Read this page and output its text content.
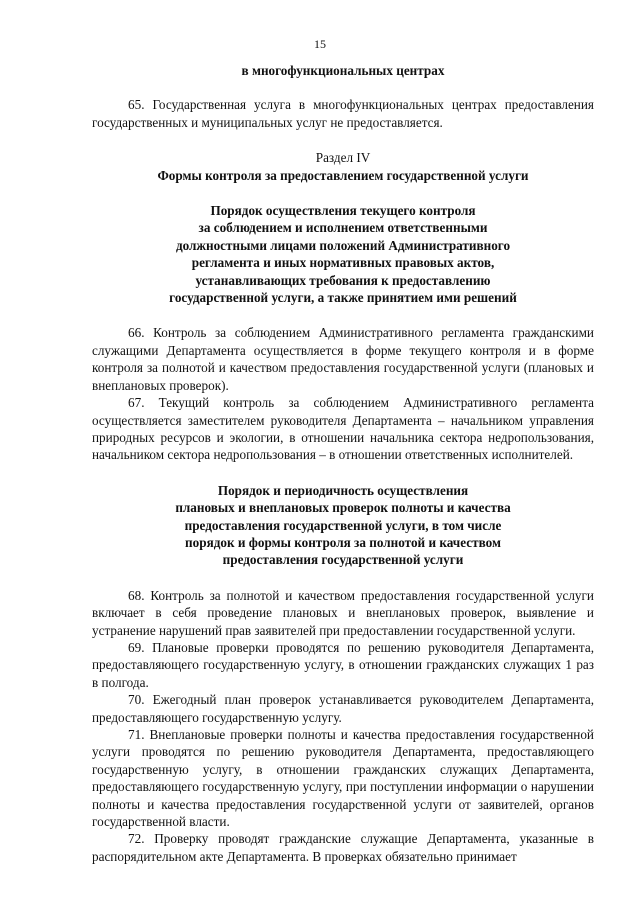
15

в многофункциональных центрах

65. Государственная услуга в многофункциональных центрах предоставления государственных и муниципальных услуг не предоставляется.

Раздел IV

Формы контроля за предоставлением государственной услуги

Порядок осуществления текущего контроля

за соблюдением и исполнением ответственными

должностными лицами положений Административного

регламента и иных нормативных правовых актов,

устанавливающих требования к предоставлению

государственной услуги, а также принятием ими решений

66. Контроль за соблюдением Административного регламента гражданскими служащими Департамента осуществляется в форме текущего контроля и в форме контроля за полнотой и качеством предоставления государственной услуги (плановых и внеплановых проверок).

67. Текущий контроль за соблюдением Административного регламента осуществляется заместителем руководителя Департамента – начальником управления природных ресурсов и экологии, в отношении начальника сектора недропользования, начальником сектора недропользования – в отношении ответственных исполнителей.

Порядок и периодичность осуществления

плановых и внеплановых проверок полноты и качества

предоставления государственной услуги, в том числе

порядок и формы контроля за полнотой и качеством

предоставления государственной услуги

68. Контроль за полнотой и качеством предоставления государственной услуги включает в себя проведение плановых и внеплановых проверок, выявление и устранение нарушений прав заявителей при предоставлении государственной услуги.

69. Плановые проверки проводятся по решению руководителя Департамента, предоставляющего государственную услугу, в отношении гражданских служащих 1 раз в полгода.

70. Ежегодный план проверок устанавливается руководителем Департамента, предоставляющего государственную услугу.

71. Внеплановые проверки полноты и качества предоставления государственной услуги проводятся по решению руководителя Департамента, предоставляющего государственную услугу, в отношении гражданских служащих Департамента, предоставляющего государственную услугу, при поступлении информации о нарушении полноты и качества предоставления государственной услуги от заявителей, органов государственной власти.

72. Проверку проводят гражданские служащие Департамента, указанные в распорядительном акте Департамента. В проверках обязательно принимает
